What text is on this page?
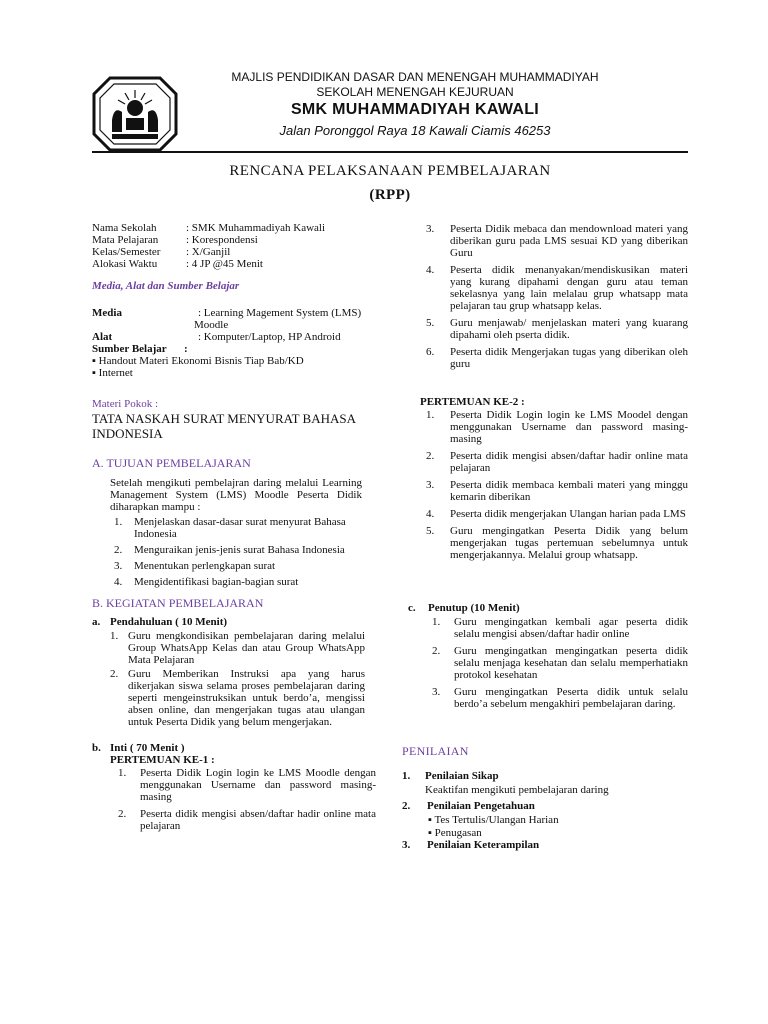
MAJLIS PENDIDIKAN DASAR DAN MENENGAH MUHAMMADIYAH
SEKOLAH MENENGAH KEJURUAN
SMK MUHAMMADIYAH KAWALI
Jalan Poronggol Raya 18 Kawali Ciamis 46253
RENCANA PELAKSANAAN PEMBELAJARAN
(RPP)
Nama Sekolah	: SMK Muhammadiyah Kawali
Mata Pelajaran	: Korespondensi
Kelas/Semester	: X/Ganjil
Alokasi Waktu	: 4 JP @45 Menit
Media, Alat dan Sumber Belajar
Media	: Learning Magement System (LMS)
Moodle
Alat	: Komputer/Laptop, HP Android
Sumber Belajar	:
▪ Handout Materi Ekonomi Bisnis Tiap Bab/KD
▪ Internet
Materi Pokok :
TATA NASKAH SURAT MENYURAT BAHASA INDONESIA
A. TUJUAN PEMBELAJARAN
Setelah mengikuti pembelajran daring melalui Learning Management System (LMS) Moodle Peserta Didik diharapkan mampu :
1.	Menjelaskan dasar-dasar surat menyurat Bahasa Indonesia
2.	Menguraikan jenis-jenis surat Bahasa Indonesia
3.	Menentukan perlengkapan surat
4.	Mengidentifikasi bagian-bagian surat
B. KEGIATAN PEMBELAJARAN
a. Pendahuluan ( 10 Menit)
1. Guru mengkondisikan pembelajaran daring melalui Group WhatsApp Kelas dan atau Group WhatsApp Mata Pelajaran
2. Guru Memberikan Instruksi apa yang harus dikerjakan siswa selama proses pembelajaran daring seperti mengeinstruksikan untuk berdo’a, mengissi absen online, dan mengerjakan tugas atau ulangan untuk Peserta Didik yang belum mengerjakan.
b. Inti ( 70 Menit )
PERTEMUAN KE-1 :
1.	Peserta Didik Login login ke LMS Moodle dengan menggunakan Username dan password masing-masing
2.	Peserta didik mengisi absen/daftar hadir online mata pelajaran
3.	Peserta Didik mebaca dan mendownload materi yang diberikan guru pada LMS sesuai KD yang diberikan Guru
4.	Peserta didik menanyakan/mendiskusikan materi yang kurang dipahami dengan guru atau teman sekelasnya yang lain melalau grup whatsapp mata pelajaran tau grup whatsapp kelas.
5.	Guru menjawab/ menjelaskan materi yang kuarang dipahami oleh pserta didik.
6.	Peserta didik Mengerjakan tugas yang diberikan oleh guru
PERTEMUAN KE-2 :
1.	Peserta Didik Login login ke LMS Moodel dengan menggunakan Username dan password masing-masing
2.	Peserta didik mengisi absen/daftar hadir online mata pelajaran
3.	Peserta didik membaca kembali materi yang minggu kemarin diberikan
4.	Peserta didik mengerjakan Ulangan harian pada LMS
5.	Guru mengingatkan Peserta Didik yang belum mengerjakan tugas pertemuan sebelumnya untuk mengerjakannya. Melalui group whatsapp.
c. Penutup (10 Menit)
1.	Guru mengingatkan kembali agar peserta didik selalu mengisi absen/daftar hadir online
2.	Guru mengingatkan mengingatkan peserta didik selalu menjaga kesehatan dan selalu memperhatiakn protokol kesehatan
3.	Guru mengingatkan Peserta didik untuk selalu berdo’a sebelum mengakhiri pembelajaran daring.
PENILAIAN
1.	Penilaian Sikap
Keaktifan mengikuti pembelajaran daring
2.	Penilaian Pengetahuan
▪ Tes Tertulis/Ulangan Harian
▪ Penugasan
3.	Penilaian Keterampilan
